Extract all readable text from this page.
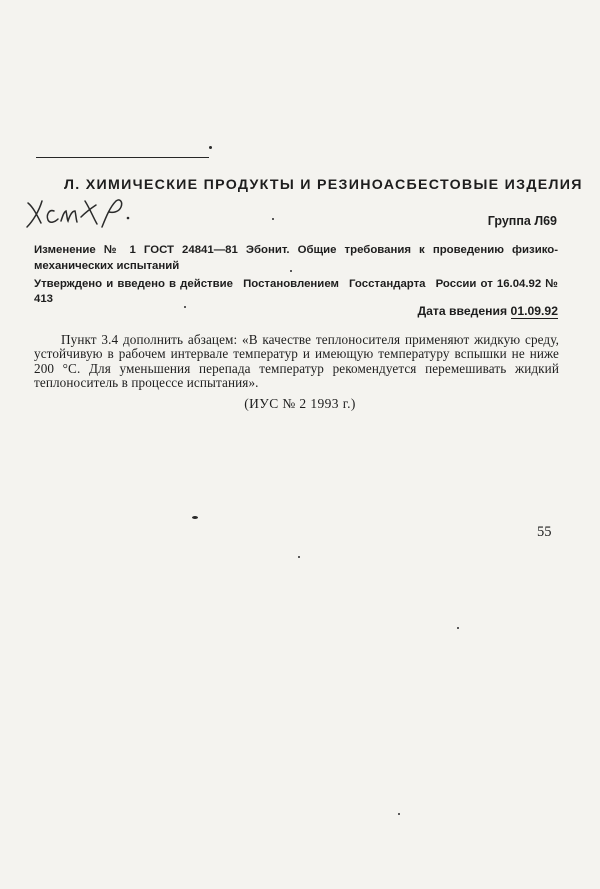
Л. ХИМИЧЕСКИЕ ПРОДУКТЫ И РЕЗИНОАСБЕСТОВЫЕ ИЗДЕЛИЯ
Группа Л69
Изменение № 1 ГОСТ 24841—81 Эбонит. Общие требования к проведению физико-механических испытаний
Утверждено и введено в действие Постановлением Госстандарта России от 16.04.92 № 413
Дата введения 01.09.92
Пункт 3.4 дополнить абзацем: «В качестве теплоносителя применяют жидкую среду, устойчивую в рабочем интервале температур и имеющую температуру вспышки не ниже 200 °С. Для уменьшения перепада температур рекомендуется перемешивать жидкий теплоноситель в процессе испытания».
(ИУС № 2 1993 г.)
55
